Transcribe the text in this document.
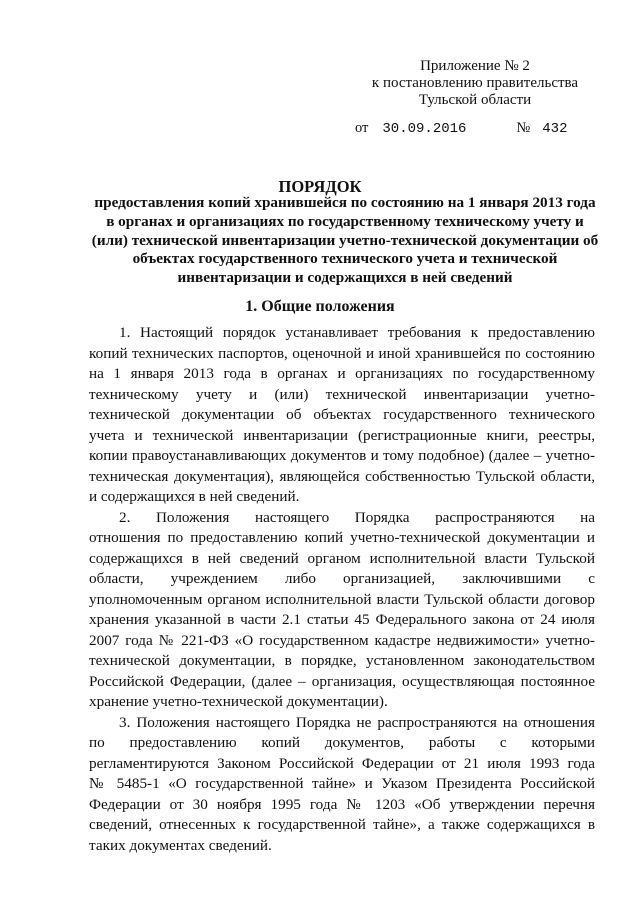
Приложение № 2
к постановлению правительства
Тульской области
от 30.09.2016	№ 432
ПОРЯДОК
предоставления копий хранившейся по состоянию на 1 января 2013 года
в органах и организациях по государственному техническому учету и
(или) технической инвентаризации учетно-технической документации об
объектах государственного технического учета и технической
инвентаризации и содержащихся в ней сведений
1. Общие положения
1. Настоящий порядок устанавливает требования к предоставлению
копий технических паспортов, оценочной и иной хранившейся по состоянию
на 1 января 2013 года в органах и организациях по государственному
техническому учету и (или) технической инвентаризации учетно-
технической документации об объектах государственного технического
учета и технической инвентаризации (регистрационные книги, реестры,
копии правоустанавливающих документов и тому подобное) (далее – учетно-
техническая документация), являющейся собственностью Тульской области,
и содержащихся в ней сведений.
2. Положения настоящего Порядка распространяются на
отношения по предоставлению копий учетно-технической документации и
содержащихся в ней сведений органом исполнительной власти Тульской
области, учреждением либо организацией, заключившими с
уполномоченным органом исполнительной власти Тульской области договор
хранения указанной в части 2.1 статьи 45 Федерального закона от 24 июля
2007 года № 221-ФЗ «О государственном кадастре недвижимости» учетно-
технической документации, в порядке, установленном законодательством
Российской Федерации, (далее – организация, осуществляющая постоянное
хранение учетно-технической документации).
3. Положения настоящего Порядка не распространяются на отношения
по предоставлению копий документов, работы с которыми
регламентируются Законом Российской Федерации от 21 июля 1993 года
№ 5485-1 «О государственной тайне» и Указом Президента Российской
Федерации от 30 ноября 1995 года № 1203 «Об утверждении перечня
сведений, отнесенных к государственной тайне», а также содержащихся в
таких документах сведений.
